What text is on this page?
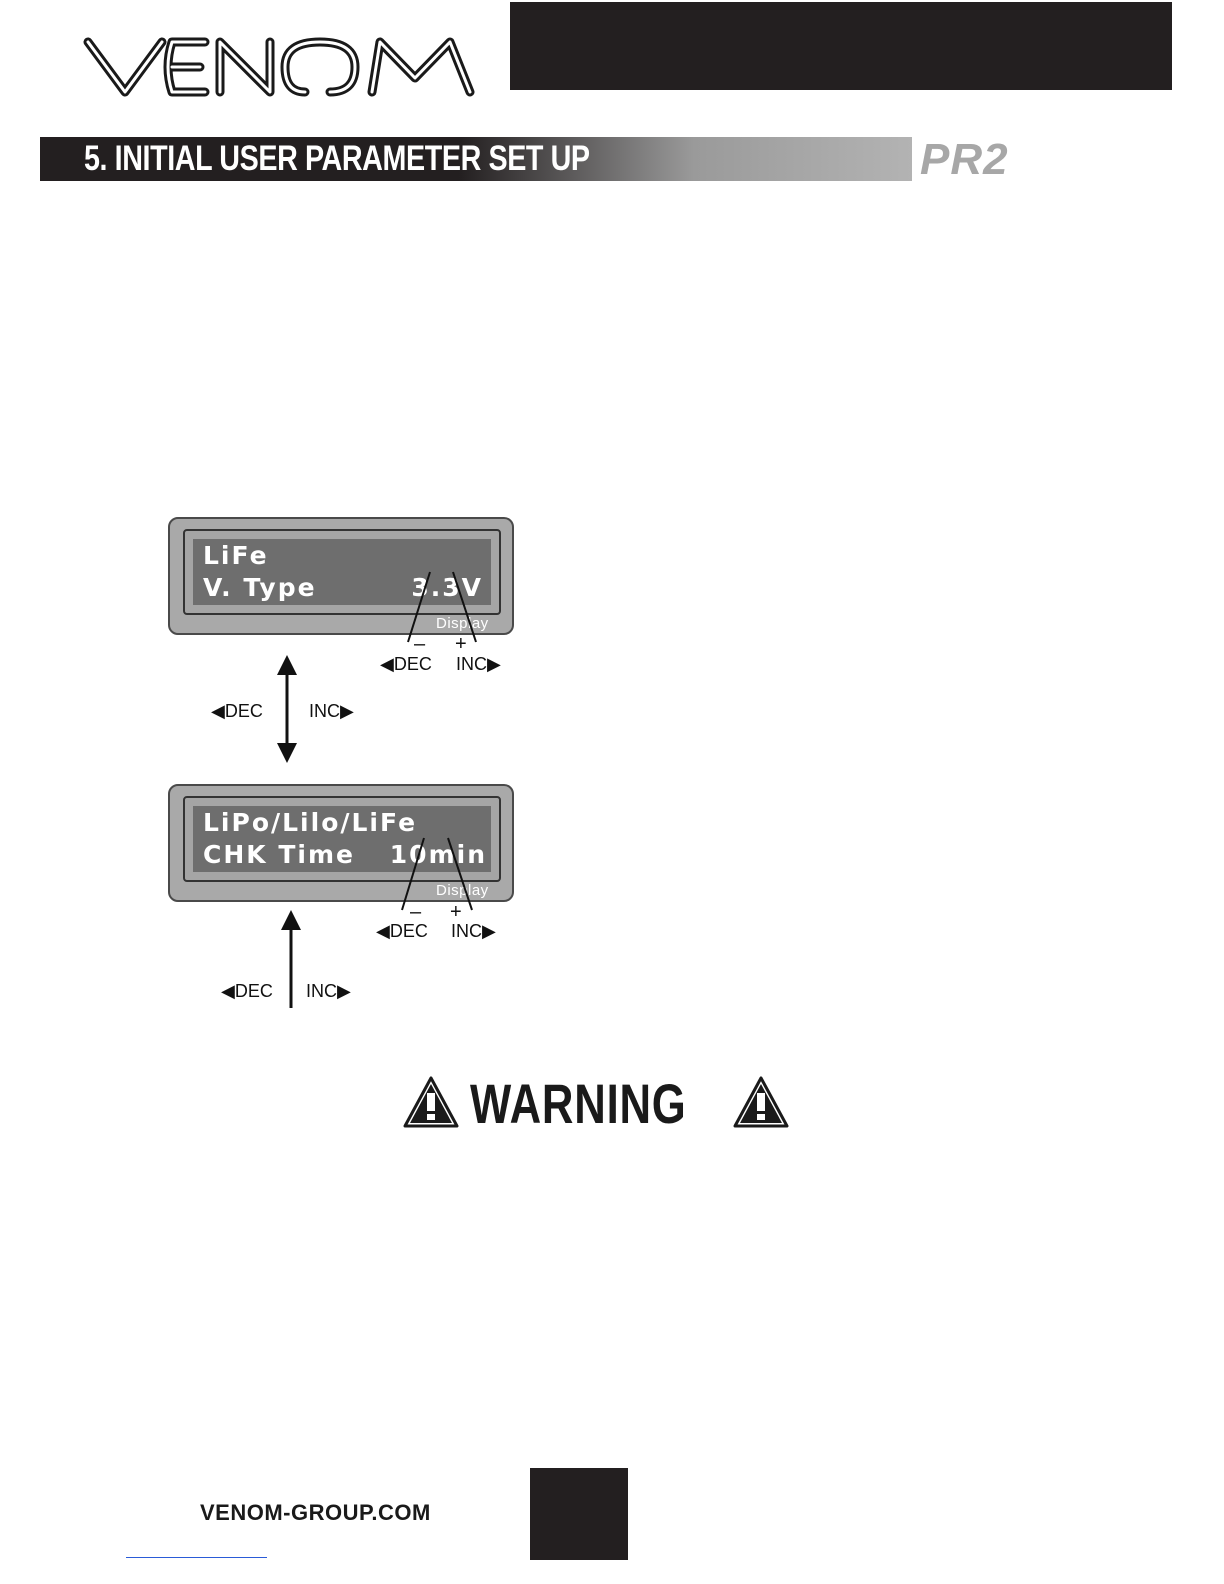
5. INITIAL USER PARAMETER SET UP	PR2
LiFe
V. Type	3.3V
Display
– +
◀DEC INC▶
◀DEC	INC▶
LiPo/Lilo/LiFe
CHK Time 10min
Display
– +
◀DEC INC▶
◀DEC INC▶
WARNING
VENOM-GROUP.COM
